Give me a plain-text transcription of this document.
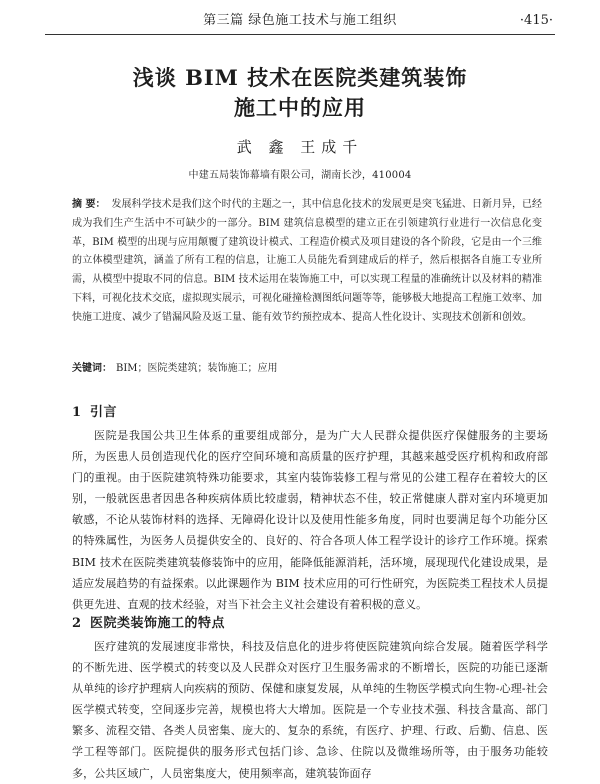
第三篇 绿色施工技术与施工组织	·415·
浅谈 BIM 技术在医院类建筑装饰
施工中的应用
武 鑫 王成千
中建五局装饰幕墙有限公司，湖南长沙，410004
摘 要： 发展科学技术是我们这个时代的主题之一，其中信息化技术的发展更是突飞猛进、日新月异，已经成为我们生产生活中不可缺少的一部分。BIM 建筑信息模型的建立正在引领建筑行业进行一次信息化变革，BIM 模型的出现与应用颠覆了建筑设计模式、工程造价模式及项目建设的各个阶段，它是由一个三维的立体模型建筑，涵盖了所有工程的信息，让施工人员能先看到建成后的样子，然后根据各自施工专业所需，从模型中提取不同的信息。BIM 技术运用在装饰施工中，可以实现工程量的准确统计以及材料的精准下料，可视化技术交底，虚拟现实展示，可视化碰撞检测图纸问题等等，能够极大地提高工程施工效率、加快施工进度、减少了错漏风险及返工量、能有效节约预控成本、提高人性化设计、实现技术创新和创效。
关键词： BIM；医院类建筑；装饰施工；应用
1 引言
医院是我国公共卫生体系的重要组成部分，是为广大人民群众提供医疗保健服务的主要场所，为医患人员创造现代化的医疗空间环境和高质量的医疗护理，其越来越受医疗机构和政府部门的重视。由于医院建筑特殊功能要求，其室内装饰装修工程与常见的公建工程存在着较大的区别，一般就医患者因患各种疾病体质比较虚弱，精神状态不佳，较正常健康人群对室内环境更加敏感，不论从装饰材料的选择、无障碍化设计以及使用性能多角度，同时也要满足每个功能分区的特殊属性，为医务人员提供安全的、良好的、符合各项人体工程学设计的诊疗工作环境。探索 BIM 技术在医院类建筑装修装饰中的应用，能降低能源消耗，活环境，展现现代化建设成果，是适应发展趋势的有益探索。以此课题作为 BIM 技术应用的可行性研究，为医院类工程技术人员提供更先进、直观的技术经验，对当下社会主义社会建设有着积极的意义。
2 医院类装饰施工的特点
医疗建筑的发展速度非常快，科技及信息化的进步将使医院建筑向综合发展。随着医学科学的不断先进、医学模式的转变以及人民群众对医疗卫生服务需求的不断增长，医院的功能已逐渐从单纯的诊疗护理病人向疾病的预防、保健和康复发展，从单纯的生物医学模式向生物-心理-社会医学模式转变，空间逐步完善，规模也将大大增加。医院是一个专业技术强、科技含量高、部门繁多、流程交错、各类人员密集、庞大的、复杂的系统，有医疗、护理、行政、后勤、信息、医学工程等部门。医院提供的服务形式包括门诊、急诊、住院以及微维场所等，由于服务功能较多，公共区域广，人员密集度大，使用频率高，建筑装饰面存
